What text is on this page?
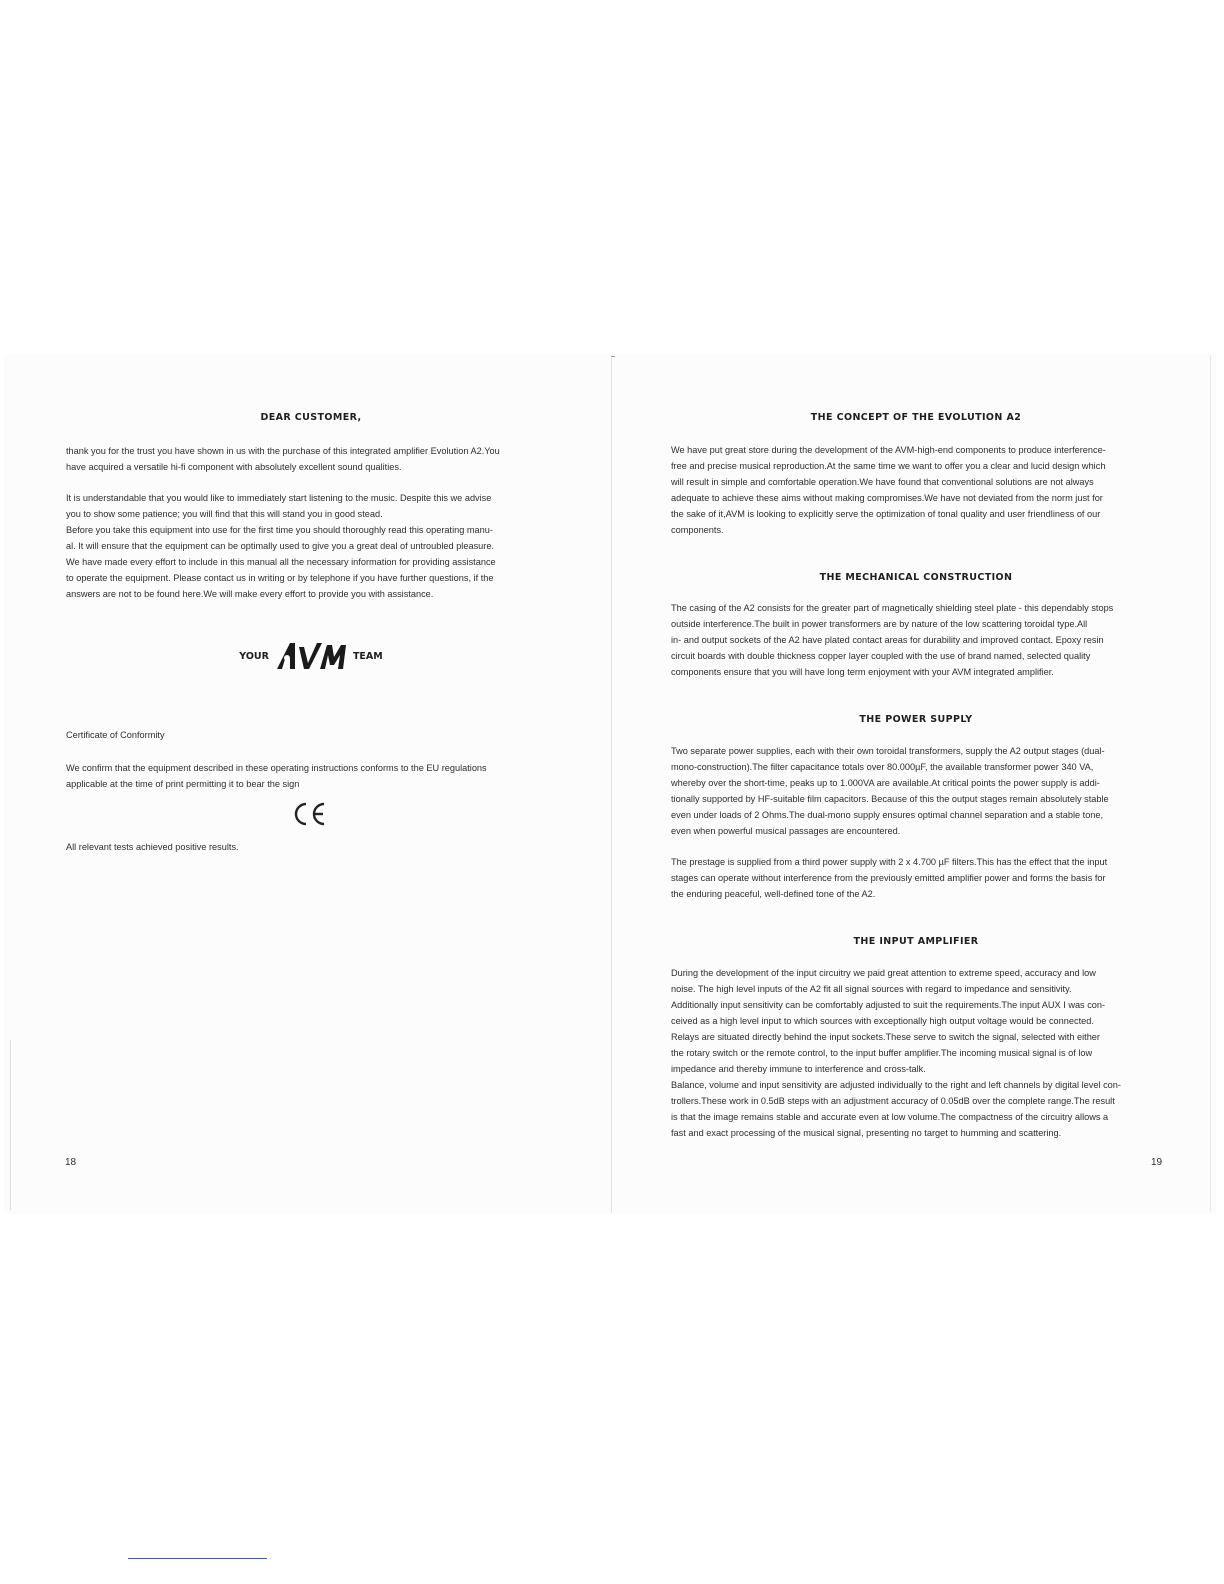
DEAR CUSTOMER,

thank you for the trust you have shown in us with the purchase of this integrated amplifier Evolution A2.You

have acquired a versatile hi-fi component with absolutely excellent sound qualities.

It is understandable that you would like to immediately start listening to the music. Despite this we advise

you to show some patience; you will find that this will stand you in good stead.

Before you take this equipment into use for the first time you should thoroughly read this operating manu-

al. It will ensure that the equipment can be optimally used to give you a great deal of untroubled pleasure.

We have made every effort to include in this manual all the necessary information for providing assistance

to operate the equipment. Please contact us in writing or by telephone if you have further questions, if the

answers are not to be found here.We will make every effort to provide you with assistance.

YOUR	TEAM
Certificate of Conformity

We confirm that the equipment described in these operating instructions conforms to the EU regulations

applicable at the time of print permitting it to bear the sign

All relevant tests achieved positive results.
18
THE CONCEPT OF THE EVOLUTION A2

We have put great store during the development of the AVM-high-end components to produce interference-

free and precise musical reproduction.At the same time we want to offer you a clear and lucid design which

will result in simple and comfortable operation.We have found that conventional solutions are not always

adequate to achieve these aims without making compromises.We have not deviated from the norm just for

the sake of it,AVM is looking to explicitly serve the optimization of tonal quality and user friendliness of our

components.

THE MECHANICAL CONSTRUCTION

The casing of the A2 consists for the greater part of magnetically shielding steel plate - this dependably stops

outside interference.The built in power transformers are by nature of the low scattering toroidal type.All

in- and output sockets of the A2 have plated contact areas for durability and improved contact. Epoxy resin

circuit boards with double thickness copper layer coupled with the use of brand named, selected quality

components ensure that you will have long term enjoyment with your AVM integrated amplifier.

THE POWER SUPPLY

Two separate power supplies, each with their own toroidal transformers, supply the A2 output stages (dual-

mono-construction).The filter capacitance totals over 80.000µF, the available transformer power 340 VA,

whereby over the short-time, peaks up to 1.000VA are available.At critical points the power supply is addi-

tionally supported by HF-suitable film capacitors. Because of this the output stages remain absolutely stable

even under loads of 2 Ohms.The dual-mono supply ensures optimal channel separation and a stable tone,

even when powerful musical passages are encountered.

The prestage is supplied from a third power supply with 2 x 4.700 µF filters.This has the effect that the input

stages can operate without interference from the previously emitted amplifier power and forms the basis for

the enduring peaceful, well-defined tone of the A2.

THE INPUT AMPLIFIER

During the development of the input circuitry we paid great attention to extreme speed, accuracy and low

noise. The high level inputs of the A2 fit all signal sources with regard to impedance and sensitivity.

Additionally input sensitivity can be comfortably adjusted to suit the requirements.The input AUX I was con-

ceived as a high level input to which sources with exceptionally high output voltage would be connected.

Relays are situated directly behind the input sockets.These serve to switch the signal, selected with either

the rotary switch or the remote control, to the input buffer amplifier.The incoming musical signal is of low

impedance and thereby immune to interference and cross-talk.

Balance, volume and input sensitivity are adjusted individually to the right and left channels by digital level con-

trollers.These work in 0.5dB steps with an adjustment accuracy of 0.05dB over the complete range.The result

is that the image remains stable and accurate even at low volume.The compactness of the circuitry allows a

fast and exact processing of the musical signal, presenting no target to humming and scattering.

19
